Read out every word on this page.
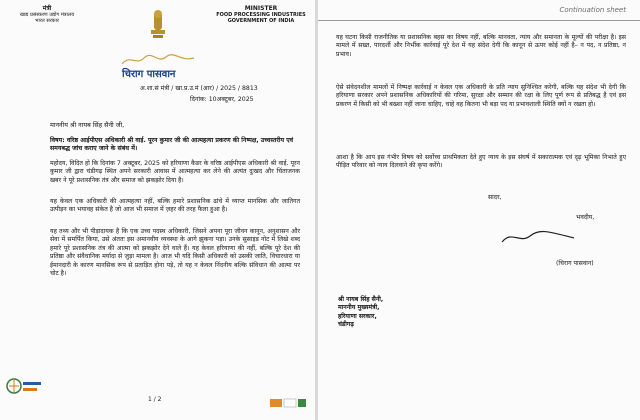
मंत्री
खाद्य प्रसंस्करण उद्योग मंत्रालय
भारत सरकार
MINISTER
FOOD PROCESSING INDUSTRIES
GOVERNMENT OF INDIA
चिराग पासवान
अ.शा.सं मंत्री / खा.प्र.उ.मं (आर) / 2025 / 8813
दिनांक: 10अक्टूबर, 2025
माननीय श्री नायब सिंह सैनी जी,
विषय: वरिष्ठ आईपीएस अधिकारी श्री वाई. पूरन कुमार जी की आत्महत्या प्रकरण की निष्पक्ष, उच्चस्तरीय एवं समयबद्ध जांच कराए जाने के संबंध में।
महोदय, विदित हो कि दिनांक 7 अक्टूबर, 2025 को हरियाणा कैडर के वरिष्ठ आईपीएस अधिकारी श्री वाई. पूरन कुमार जी द्वारा चंडीगढ़ स्थित अपने सरकारी आवास में आत्महत्या कर लेने की अत्यंत दुःखद और चिंताजनक खबर ने पूरे प्रशासनिक तंत्र और समाज को झकझोर दिया है।
यह केवल एक अधिकारी की आत्महत्या नहीं, बल्कि हमारे प्रशासनिक ढांचे में व्याप्त मानसिक और जातिगत उत्पीड़न का भयावह संकेत है जो आज भी समाज में ज़हर की तरह फैला हुआ है।
यह तथ्य और भी पीड़ादायक है कि एक उच्च पदस्थ अधिकारी, जिसने अपना पूरा जीवन कानून, अनुशासन और सेवा में समर्पित किया, उसे अंततः इस अमानवीय व्यवस्था के आगे झुकना पड़ा। उनके सुसाइड नोट में लिखे शब्द हमारे पूरे प्रशासनिक तंत्र की आत्मा को झकझोर देने वाले हैं। यह केवल हरियाणा की नहीं, बल्कि पूरे देश की प्रतिष्ठा और संवैधानिक मर्यादा से जुड़ा मामला है। आज भी यदि किसी अधिकारी को उसकी जाति, विचारधारा या ईमानदारी के कारण मानसिक रूप से प्रताड़ित होना पड़े, तो यह न केवल निंदनीय बल्कि संविधान की आत्मा पर चोट है।
1 / 2
Continuation sheet
यह घटना किसी राजनीतिक या प्रशासनिक बहस का विषय नहीं, बल्कि मानवता, न्याय और समानता के मूल्यों की परीक्षा है। इस मामले में सख्त, पारदर्शी और निर्भीक कार्रवाई पूरे देश में यह संदेश देगी कि कानून से ऊपर कोई नहीं है– न पद, न प्रतिष्ठा, न प्रभाव।
ऐसे संवेदनशील मामलों में निष्पक्ष कार्रवाई न केवल एक अधिकारी के प्रति न्याय सुनिश्चित करेगी, बल्कि यह संदेश भी देगी कि हरियाणा सरकार अपने प्रशासनिक अधिकारियों की गरिमा, सुरक्षा और सम्मान की रक्षा के लिए पूर्ण रूप से प्रतिबद्ध है एवं इस प्रकरण में किसी को भी बख्शा नहीं जाना चाहिए, चाहे वह कितना भी बड़ा पद या प्रभावशाली स्थिति क्यों न रखता हो।
आशा है कि आप इस गंभीर विषय को सर्वोच्च प्राथमिकता देते हुए न्याय के इस संघर्ष में सकारात्मक एवं दृढ़ भूमिका निभाते हुए पीड़ित परिवार को न्याय दिलवाने की कृपा करेंगे।
सादर,
भवदीय,
(चिराग पासवान)
श्री नायब सिंह सैनी,
माननीय मुख्यमंत्री,
हरियाणा सरकार,
चंडीगढ़
